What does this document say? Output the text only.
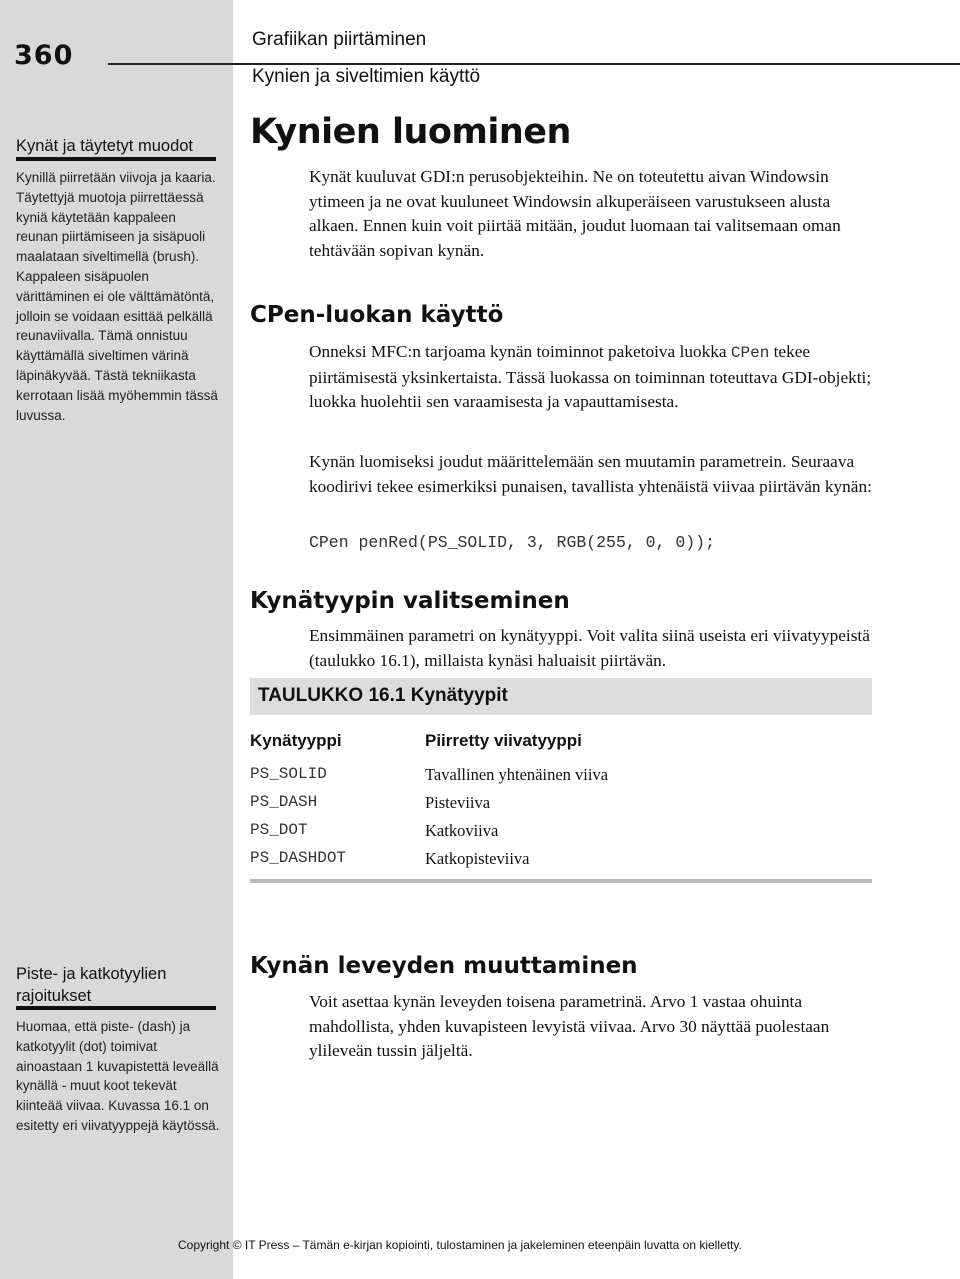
360

Kynät ja täytetyt muodot

Kynillä piirretään viivoja ja kaaria. Täytettyjä muotoja piirrettäessä kyniä käytetään kappaleen reunan piirtämiseen ja sisäpuoli maalataan siveltimellä (brush). Kappaleen sisäpuolen värittäminen ei ole välttämätöntä, jolloin se voidaan esittää pelkällä reunaviivalla. Tämä onnistuu käyttämällä siveltimen värinä läpinäkyvää. Tästä tekniikasta kerrotaan lisää myöhemmin tässä luvussa.

Piste- ja katkotyylien rajoitukset

Huomaa, että piste- (dash) ja katkotyylit (dot) toimivat ainoastaan 1 kuvapistettä leveällä kynällä - muut koot tekevät kiinteää viivaa. Kuvassa 16.1 on esitetty eri viivatyyppejä käytössä.

Grafiikan piirtäminen

Kynien ja siveltimien käyttö

Kynien luominen

Kynät kuuluvat GDI:n perusobjekteihin. Ne on toteutettu aivan Windowsin ytimeen ja ne ovat kuuluneet Windowsin alkuperäiseen varustukseen alusta alkaen. Ennen kuin voit piirtää mitään, joudut luomaan tai valitsemaan oman tehtävään sopivan kynän.

CPen-luokan käyttö

Onneksi MFC:n tarjoama kynän toiminnot paketoiva luokka CPen tekee piirtämisestä yksinkertaista. Tässä luokassa on toiminnan toteuttava GDI-objekti; luokka huolehtii sen varaamisesta ja vapauttamisesta.

Kynän luomiseksi joudut määrittelemään sen muutamin parametrein. Seuraava koodirivi tekee esimerkiksi punaisen, tavallista yhtenäistä viivaa piirtävän kynän:

CPen penRed(PS_SOLID, 3, RGB(255, 0, 0));

Kynätyypin valitseminen

Ensimmäinen parametri on kynätyyppi. Voit valita siinä useista eri viivatyypeistä (taulukko 16.1), millaista kynäsi haluaisit piirtävän.

TAULUKKO 16.1 Kynätyypit
Kynätyyppi	Piirretty viivatyyppi
PS_SOLID	Tavallinen yhtenäinen viiva
PS_DASH	Pisteviiva
PS_DOT	Katkoviiva
PS_DASHDOT	Katkopisteviiva
Kynän leveyden muuttaminen

Voit asettaa kynän leveyden toisena parametrinä. Arvo 1 vastaa ohuinta mahdollista, yhden kuvapisteen levyistä viivaa. Arvo 30 näyttää puolestaan ylileveän tussin jäljeltä.

Copyright © IT Press – Tämän e-kirjan kopiointi, tulostaminen ja jakeleminen eteenpäin luvatta on kielletty.
